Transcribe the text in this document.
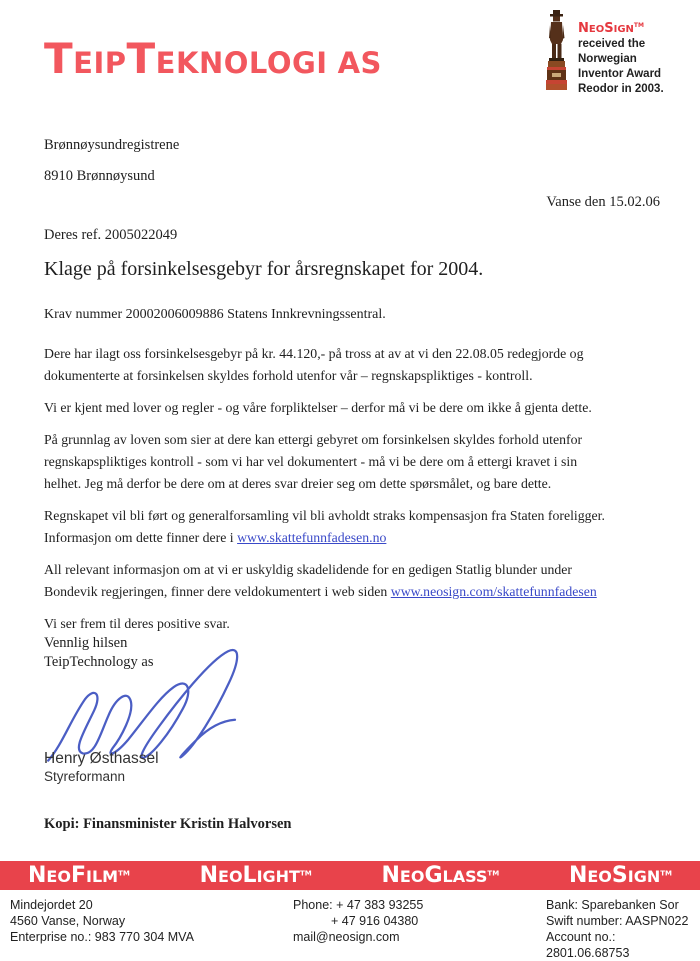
TEIPTEKNOLOGI AS
NEOSIGN™
received the
Norwegian
Inventor Award
Reodor in 2003.
Brønnøysundregistrene
8910 Brønnøysund
Vanse den 15.02.06
Deres ref. 2005022049
Klage på forsinkelsesgebyr for årsregnskapet for 2004.
Krav nummer 20002006009886 Statens Innkrevningssentral.

Dere har ilagt oss forsinkelsesgebyr på kr. 44.120,- på tross at av at vi den 22.08.05 redegjorde og
dokumenterte at forsinkelsen skyldes forhold utenfor vår – regnskapspliktiges - kontroll.

Vi er kjent med lover og regler - og våre forpliktelser – derfor må vi be dere om ikke å gjenta dette.

På grunnlag av loven som sier at dere kan ettergi gebyret om forsinkelsen skyldes forhold utenfor
regnskapspliktiges kontroll - som vi har vel dokumentert - må vi be dere om å ettergi kravet i sin
helhet. Jeg må derfor be dere om at deres svar dreier seg om dette spørsmålet, og bare dette.

Regnskapet vil bli ført og generalforsamling vil bli avholdt straks kompensasjon fra Staten foreligger.
Informasjon om dette finner dere i www.skattefunnfadesen.no

All relevant informasjon om at vi er uskyldig skadelidende for en gedigen Statlig blunder under
Bondevik regjeringen, finner dere veldokumentert i web siden www.neosign.com/skattefunnfadesen

Vi ser frem til deres positive svar.

Vennlig hilsen
TeipTechnology as
Henry Østhassel
Styreformann
Kopi: Finansminister Kristin Halvorsen
NEOFILM™	NEOLIGHT™	NEOGLASS™	NEOSIGN™
Mindejordet 20
4560 Vanse, Norway
Enterprise no.: 983 770 304 MVA
Phone: + 47 383 93255
+ 47 916 04380
mail@neosign.com
Bank: Sparebanken Sor
Swift number: AASPN022
Account no.: 2801.06.68753
